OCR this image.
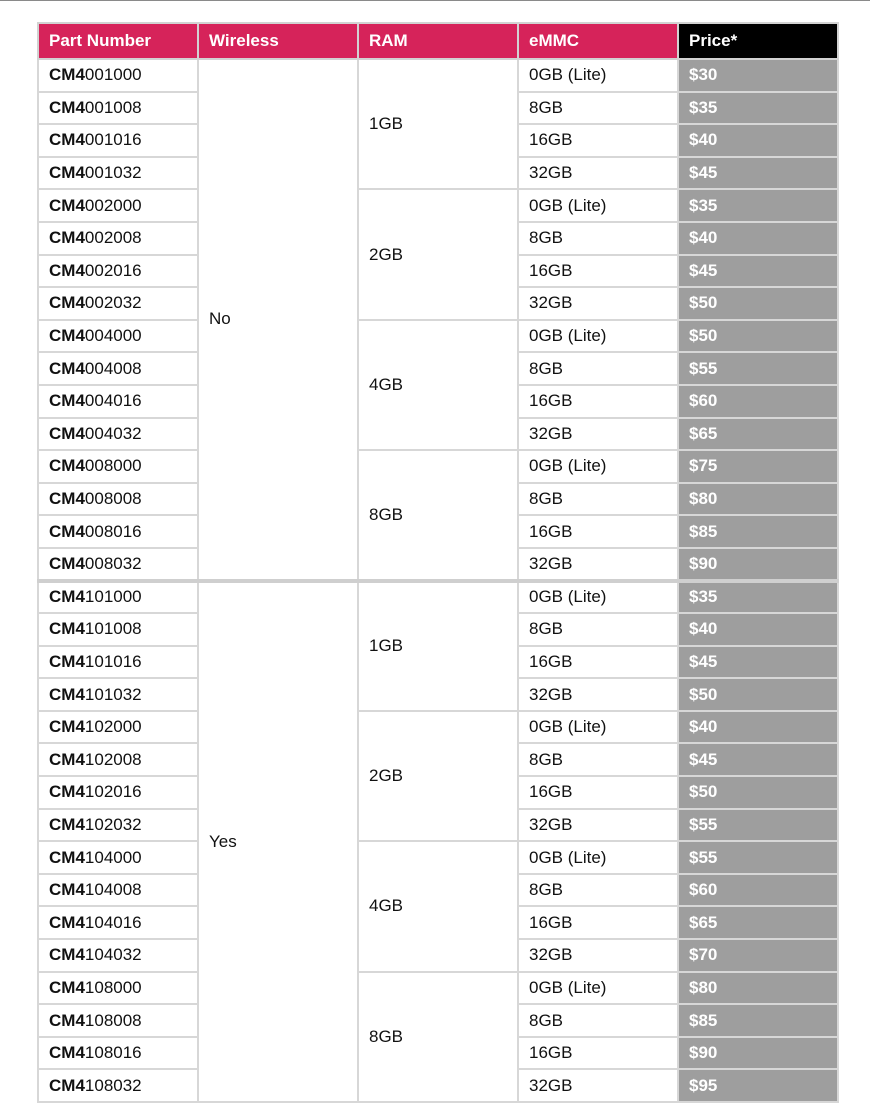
Part Number	Wireless	RAM	eMMC	Price*
CM4001000	No	1GB	0GB (Lite)	$30
CM4001008			8GB	$35
CM4001016			16GB	$40
CM4001032			32GB	$45
CM4002000		2GB	0GB (Lite)	$35
CM4002008			8GB	$40
CM4002016			16GB	$45
CM4002032			32GB	$50
CM4004000		4GB	0GB (Lite)	$50
CM4004008			8GB	$55
CM4004016			16GB	$60
CM4004032			32GB	$65
CM4008000		8GB	0GB (Lite)	$75
CM4008008			8GB	$80
CM4008016			16GB	$85
CM4008032			32GB	$90
CM4101000	Yes	1GB	0GB (Lite)	$35
CM4101008			8GB	$40
CM4101016			16GB	$45
CM4101032			32GB	$50
CM4102000		2GB	0GB (Lite)	$40
CM4102008			8GB	$45
CM4102016			16GB	$50
CM4102032			32GB	$55
CM4104000		4GB	0GB (Lite)	$55
CM4104008			8GB	$60
CM4104016			16GB	$65
CM4104032			32GB	$70
CM4108000		8GB	0GB (Lite)	$80
CM4108008			8GB	$85
CM4108016			16GB	$90
CM4108032			32GB	$95
